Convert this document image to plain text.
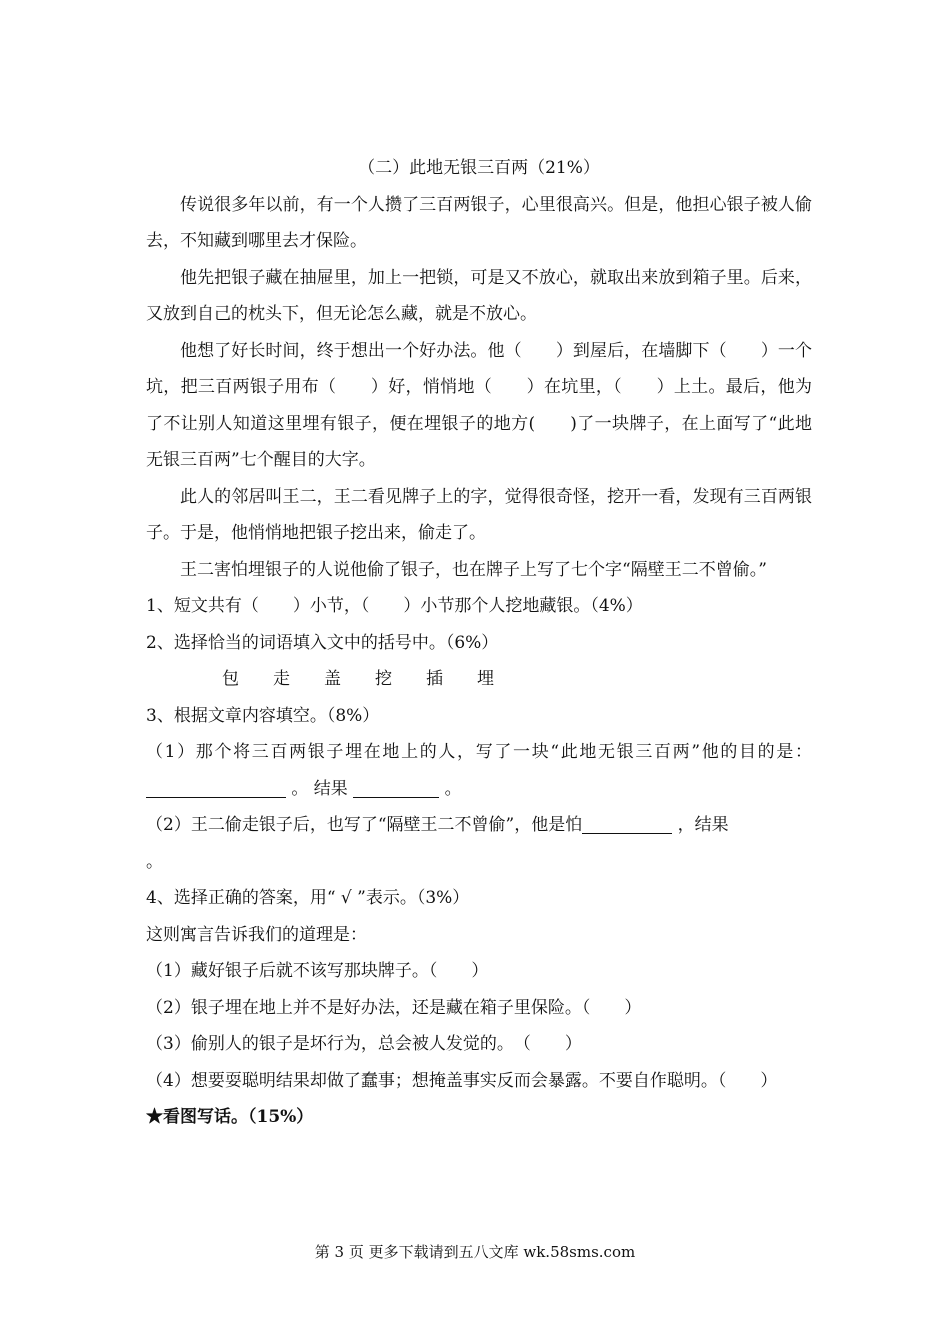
（二）此地无银三百两（21%）

传说很多年以前，有一个人攒了三百两银子，心里很高兴。但是，他担心银子被人偷去，不知藏到哪里去才保险。

他先把银子藏在抽屉里，加上一把锁，可是又不放心，就取出来放到箱子里。后来，又放到自己的枕头下，但无论怎么藏，就是不放心。

他想了好长时间，终于想出一个好办法。他（　　）到屋后，在墙脚下（　　）一个坑，把三百两银子用布（　　）好，悄悄地（　　）在坑里，（　　）上土。最后，他为了不让别人知道这里埋有银子，便在埋银子的地方(　　)了一块牌子，在上面写了“此地无银三百两”七个醒目的大字。

此人的邻居叫王二，王二看见牌子上的字，觉得很奇怪，挖开一看，发现有三百两银子。于是，他悄悄地把银子挖出来，偷走了。

王二害怕埋银子的人说他偷了银子，也在牌子上写了七个字“隔壁王二不曾偷。”

1、短文共有（　　）小节，（　　）小节那个人挖地藏银。（4%）

2、选择恰当的词语填入文中的括号中。（6%）

包 走 盖 挖 插 埋

3、根据文章内容填空。（8%）

（1）那个将三百两银子埋在地上的人，写了一块“此地无银三百两”他的目的是： 。 结果	。

（2）王二偷走银子后，也写了“隔壁王二不曾偷”，他是怕	，结果

。

4、选择正确的答案，用“ √ ”表示。（3%）

这则寓言告诉我们的道理是：

（1）藏好银子后就不该写那块牌子。（　　）

（2）银子埋在地上并不是好办法，还是藏在箱子里保险。（　　）

（3）偷别人的银子是坏行为，总会被人发觉的。　（　　）

（4）想要耍聪明结果却做了蠢事；想掩盖事实反而会暴露。不要自作聪明。（　　）

★看图写话。（15%）

第 3 页 更多下载请到五八文库 wk.58sms.com
